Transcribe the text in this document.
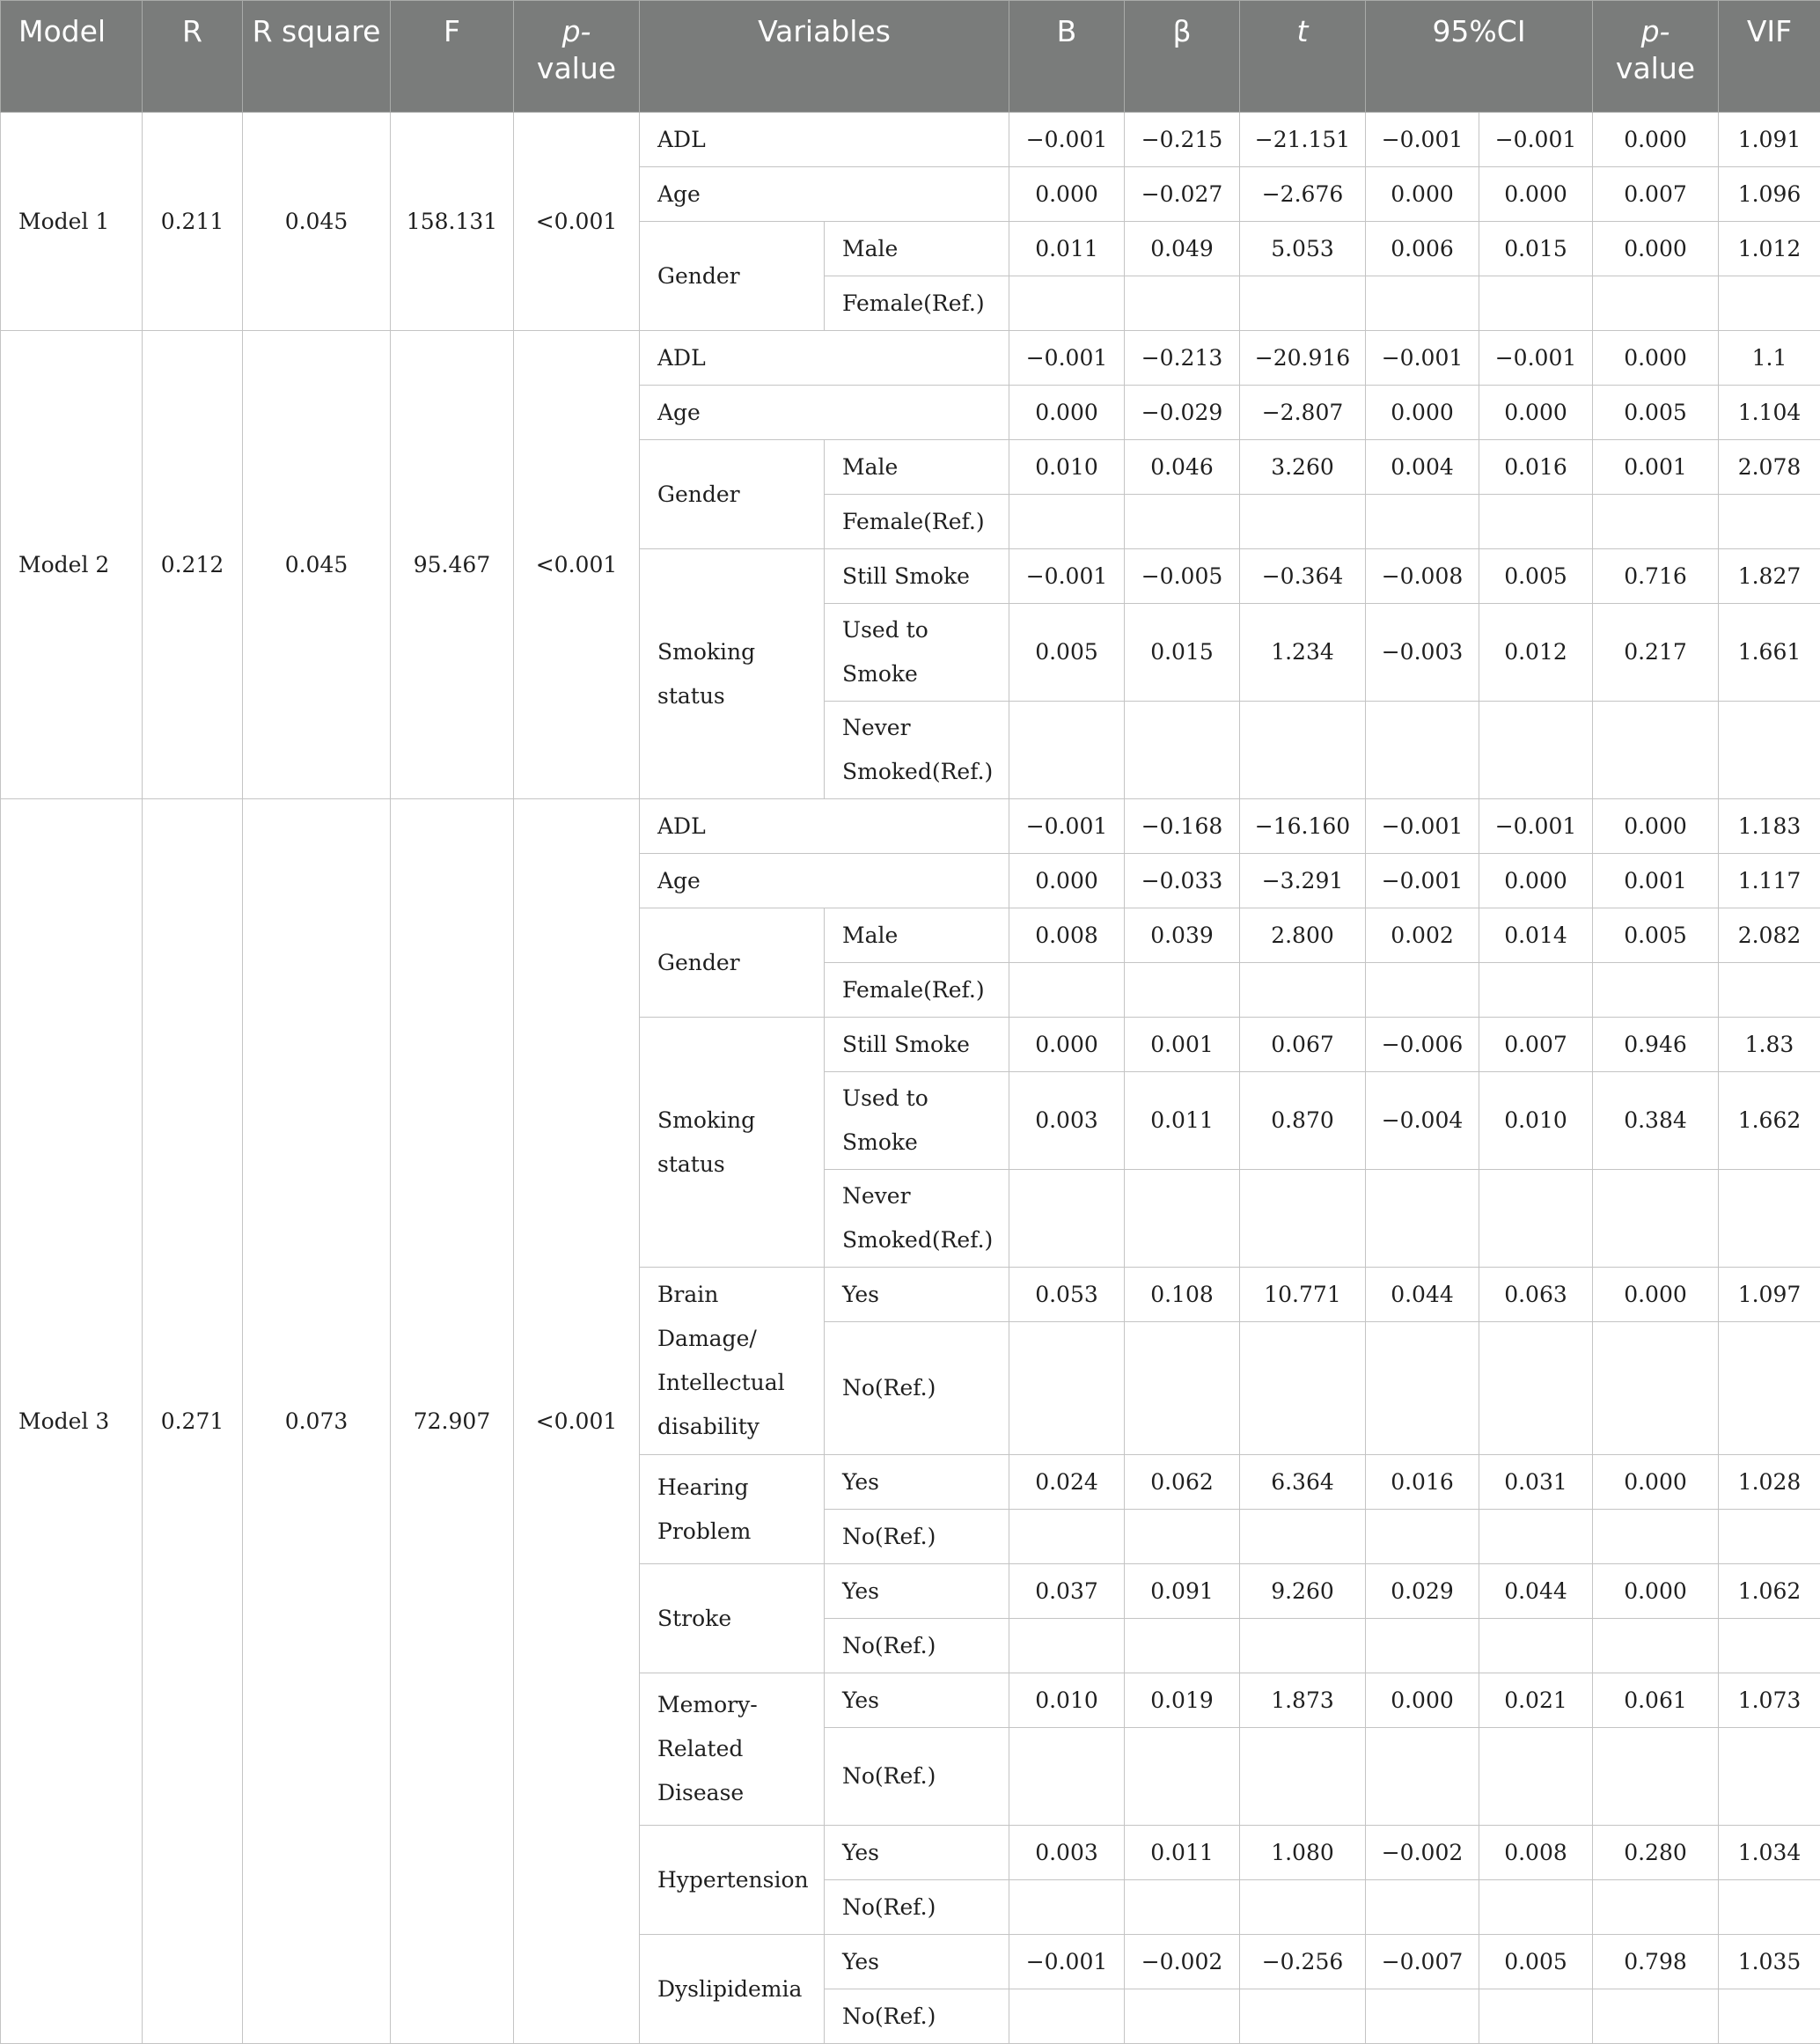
Model	R	R square	F	p-
value	Variables		B	β	t	95%CI		p-
value	VIF
Model 1	0.211	0.045	158.131	<0.001	ADL		−0.001	−0.215	−21.151	−0.001	−0.001	0.000	1.091
					Age		0.000	−0.027	−2.676	0.000	0.000	0.007	1.096
					Gender	Male	0.011	0.049	5.053	0.006	0.015	0.000	1.012
						Female(Ref.)							
Model 2	0.212	0.045	95.467	<0.001	ADL		−0.001	−0.213	−20.916	−0.001	−0.001	0.000	1.1
					Age		0.000	−0.029	−2.807	0.000	0.000	0.005	1.104
					Gender	Male	0.010	0.046	3.260	0.004	0.016	0.001	2.078
						Female(Ref.)							
					Smoking status	Still Smoke	−0.001	−0.005	−0.364	−0.008	0.005	0.716	1.827
						Used to Smoke	0.005	0.015	1.234	−0.003	0.012	0.217	1.661
						Never Smoked(Ref.)							
Model 3	0.271	0.073	72.907	<0.001	ADL		−0.001	−0.168	−16.160	−0.001	−0.001	0.000	1.183
					Age		0.000	−0.033	−3.291	−0.001	0.000	0.001	1.117
					Gender	Male	0.008	0.039	2.800	0.002	0.014	0.005	2.082
						Female(Ref.)							
					Smoking status	Still Smoke	0.000	0.001	0.067	−0.006	0.007	0.946	1.83
						Used to Smoke	0.003	0.011	0.870	−0.004	0.010	0.384	1.662
						Never Smoked(Ref.)							
					Brain Damage/ Intellectual disability	Yes	0.053	0.108	10.771	0.044	0.063	0.000	1.097
						No(Ref.)							
					Hearing Problem	Yes	0.024	0.062	6.364	0.016	0.031	0.000	1.028
						No(Ref.)							
					Stroke	Yes	0.037	0.091	9.260	0.029	0.044	0.000	1.062
						No(Ref.)							
					Memory-Related Disease	Yes	0.010	0.019	1.873	0.000	0.021	0.061	1.073
						No(Ref.)							
					Hypertension	Yes	0.003	0.011	1.080	−0.002	0.008	0.280	1.034
						No(Ref.)							
					Dyslipidemia	Yes	−0.001	−0.002	−0.256	−0.007	0.005	0.798	1.035
						No(Ref.)							
